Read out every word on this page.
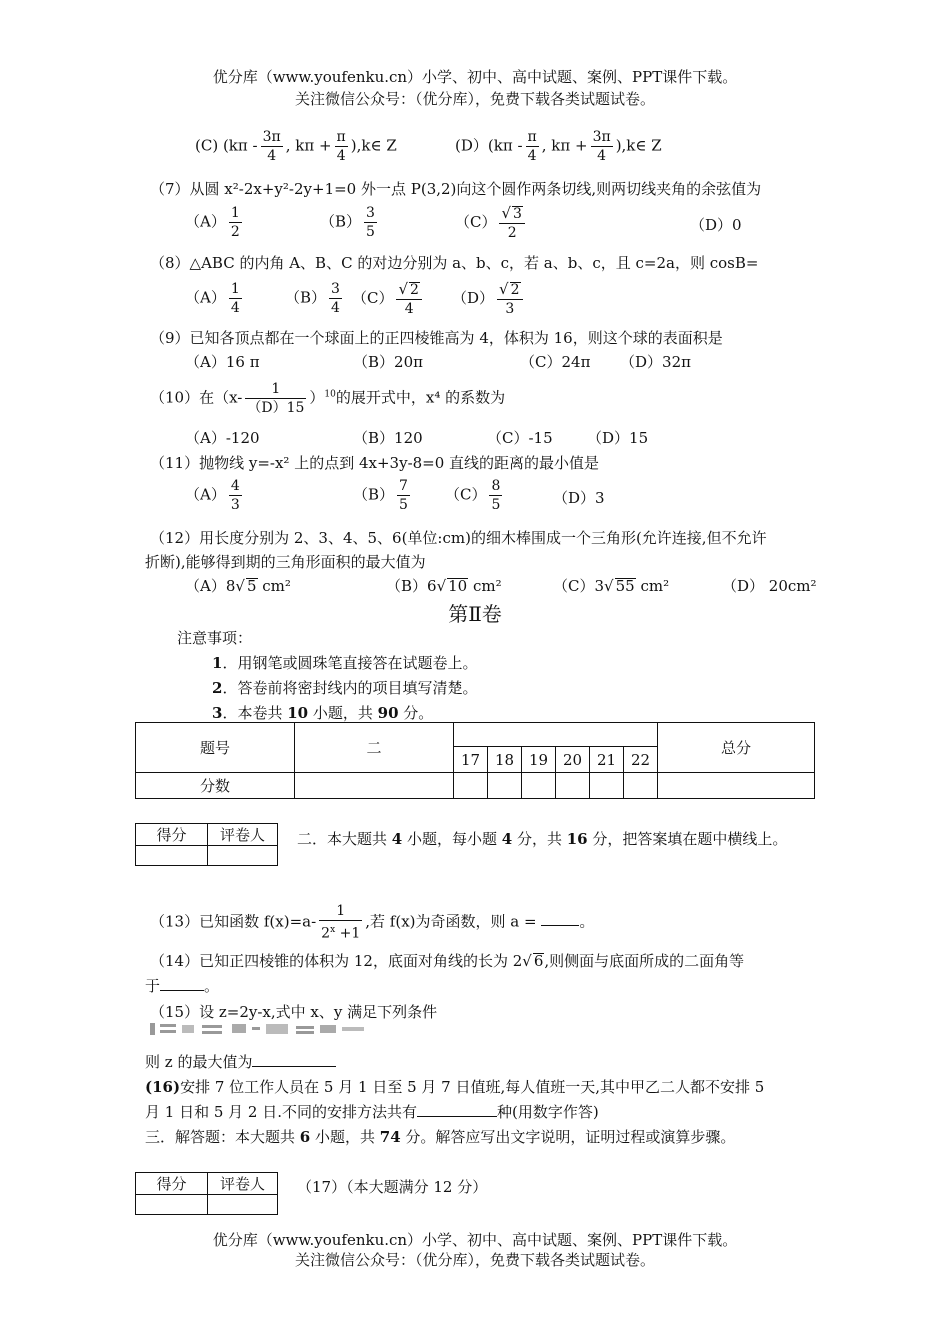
优分库（www.youfenku.cn）小学、初中、高中试题、案例、PPT课件下载。
关注微信公众号：（优分库），免费下载各类试题试卷。
(C) ($k\pi - \frac{3\pi}{4}$ , $k\pi + \frac{\pi}{4}$ ),k∈ Z	$(D)(k\pi - \frac{\pi}{4}$ , $k\pi + \frac{3\pi}{4}$ ),k∈ Z
（7）从圆 x²-2x+y²-2y+1=0 外一点 P(3,2)向这个圆作两条切线,则两切线夹角的余弦值为
$(A) \frac{1}{2}$	$(B) \frac{3}{5}$	$(C) \frac{√ 3}{2}$	（D）0
（8）△ABC 的内角 A、B、C 的对边分别为 a、b、c，若 a、b、c，且 c=2a，则 cosB=
$(A) \frac{1}{4}$	$(B) \frac{3}{4} (C) \frac{√ 2}{4} (D) \frac{√ 2}{3}$
（9）已知各顶点都在一个球面上的正四棱锥高为 4，体积为 16，则这个球的表面积是
（A）16 π	（B）20π	（C）24π （D）32π
（10）在$(x- \frac{1}{(D)15} )^{10}$的展开式中，x⁴ 的系数为
（A）-120	（B）120	（C）-15 （D）15
（11）抛物线 y=-x² 上的点到 4x+3y-8=0 直线的距离的最小值是
$(A) \frac{4}{3}$	$(B) \frac{7}{5} (C) \frac{8}{5}$	（D）3
（12）用长度分别为 2、3、4、5、6(单位:cm)的细木棒围成一个三角形(允许连接,但不允许
折断),能够得到期的三角形面积的最大值为
（A）8√ 5 cm²	（B）6√ 10 cm²	（C）3√ 55 cm²	（D） 20cm²
第Ⅱ卷
注意事项：
1．用钢笔或圆珠笔直接答在试题卷上。
2．答卷前将密封线内的项目填写清楚。
3．本卷共 10 小题，共 90 分。
题号	二							总分
		17	18	19	20	21	22	
分数								
得分	评卷人
	二．本大题共 4 小题，每小题 4 分，共 16 分，把答案填在题中横线上。
（13）已知函数 $f(x)=a- \frac{1}{2^x +1}$ ,若 f(x)为奇函数，则 a =	。
（14）已知正四棱锥的体积为 12，底面对角线的长为 2√ 6,则侧面与底面所成的二面角等
于	。
（15）设 z=2y-x,式中 x、y 满足下列条件
则 z 的最大值为
(16)安排 7 位工作人员在 5 月 1 日至 5 月 7 日值班,每人值班一天,其中甲乙二人都不安排 5
月 1 日和 5 月 2 日.不同的安排方法共有	种(用数字作答)
三．解答题：本大题共 6 小题，共 74 分。解答应写出文字说明，证明过程或演算步骤。
得分	评卷人
	（17）（本大题满分 12 分）
优分库（www.youfenku.cn）小学、初中、高中试题、案例、PPT课件下载。
关注微信公众号：（优分库），免费下载各类试题试卷。
